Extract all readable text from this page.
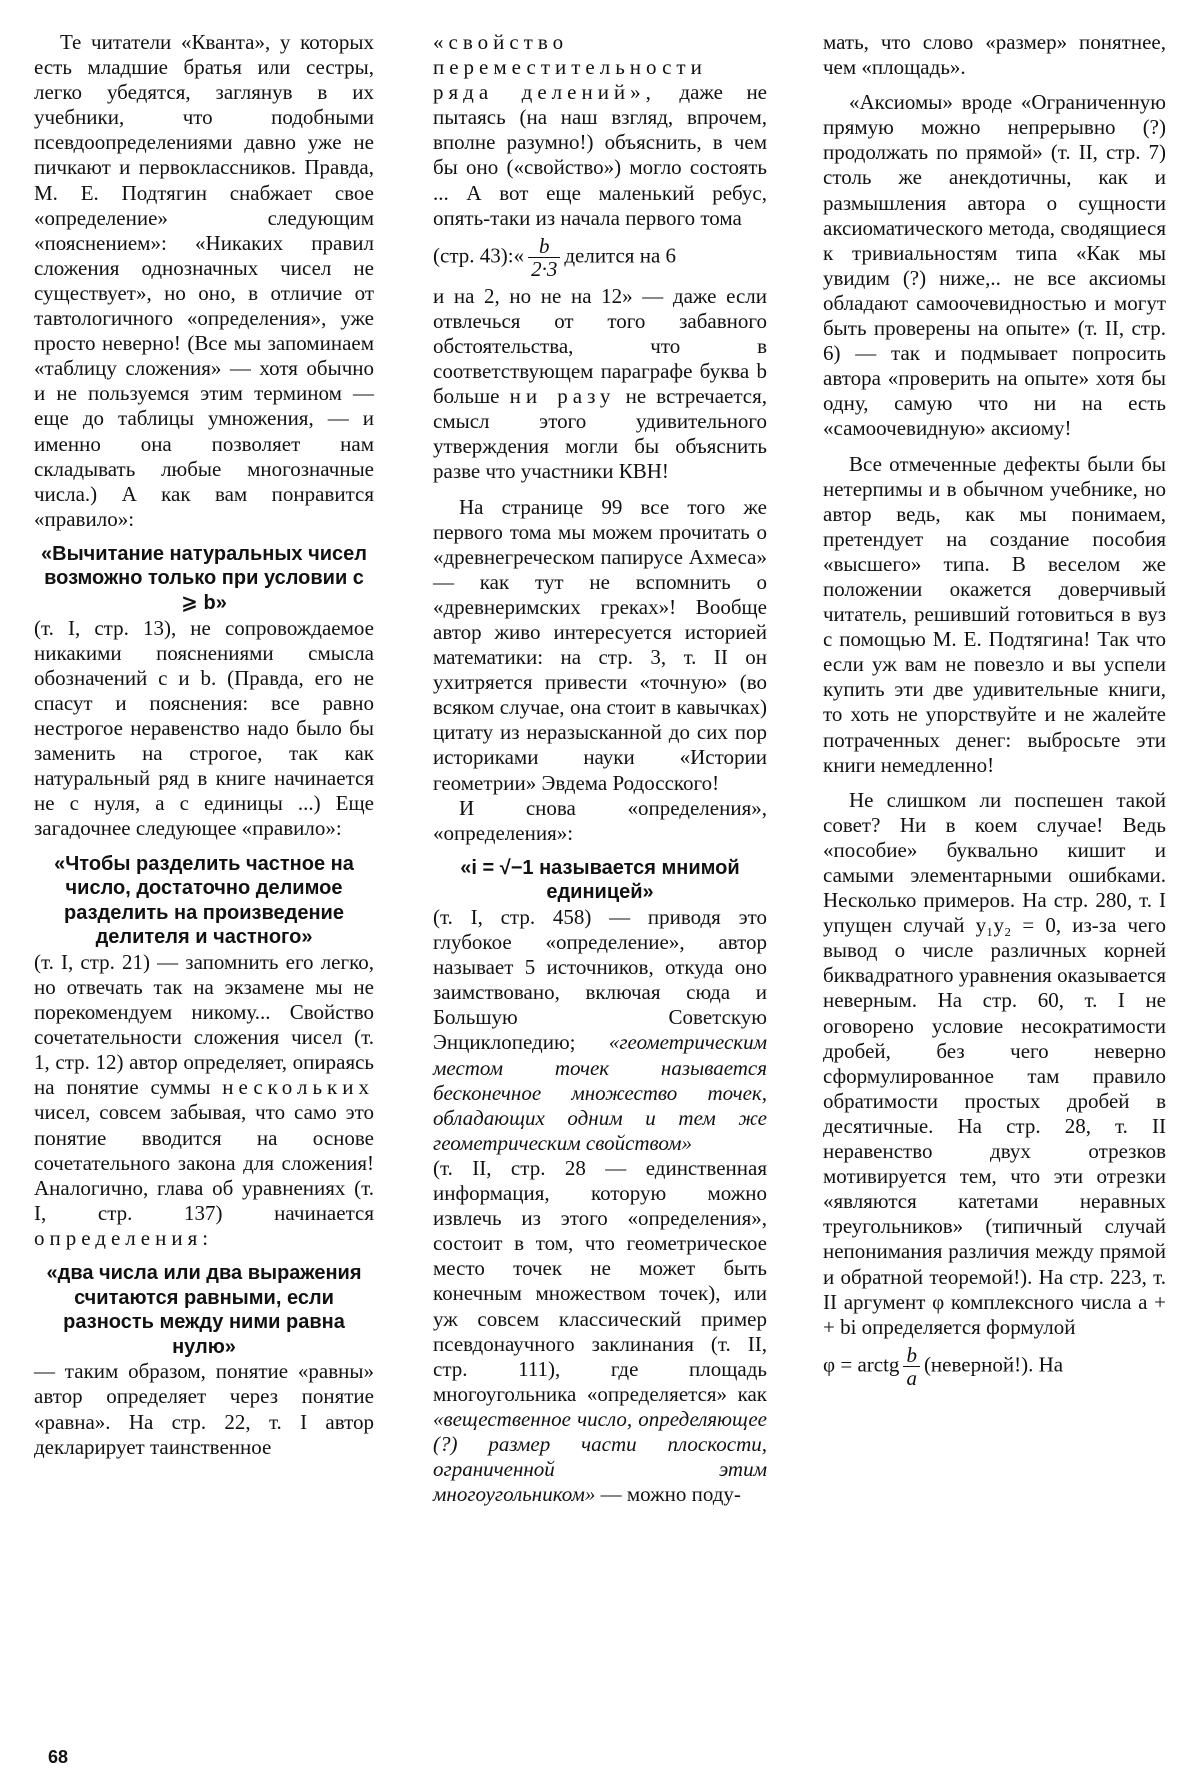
Те читатели «Кванта», у которых есть младшие братья или сестры, легко убедятся, заглянув в их учебники, что подобными псевдоопределениями давно уже не пичкают и первоклассников. Правда, М. Е. Подтягин снабжает свое «определение» следующим «пояснением»: «Никаких правил сложения однозначных чисел не существует», но оно, в отличие от тавтологичного «определения», уже просто неверно! (Все мы запоминаем «таблицу сложения» — хотя обычно и не пользуемся этим термином — еще до таблицы умножения, — и именно она позволяет нам складывать любые многозначные числа.) А как вам понравится «правило»:

«Вычитание натуральных чисел возможно только при условии c ⩾ b»

(т. I, стр. 13), не сопровождаемое никакими пояснениями смысла обозначений c и b. (Правда, его не спасут и пояснения: все равно нестрогое неравенство надо было бы заменить на строгое, так как натуральный ряд в книге начинается не с нуля, а с единицы ...) Еще загадочнее следующее «правило»:

«Чтобы разделить частное на число, достаточно делимое разделить на произведение делителя и частного»

(т. I, стр. 21) — запомнить его легко, но отвечать так на экзамене мы не порекомендуем никому... Свойство сочетательности сложения чисел (т. 1, стр. 12) автор определяет, опираясь на понятие суммы нескольких чисел, совсем забывая, что само это понятие вводится на основе сочетательного закона для сложения! Аналогично, глава об уравнениях (т. I, стр. 137) начинается определения:

«два числа или два выражения считаются равными, если разность между ними равна нулю»

— таким образом, понятие «равны» автор определяет через понятие «равна». На стр. 22, т. I автор декларирует таинственное

«свойство переместительности ряда делений», даже не пытаясь (на наш взгляд, впрочем, вполне разумно!) объяснить, в чем бы оно («свойство») могло состоять ... А вот еще маленький ребус, опять-таки из начала первого тома

(стр. 43):« $\frac{b}{2\cdot 3}$ делится на 6

и на 2, но не на 12» — даже если отвлечься от того забавного обстоятельства, что в соответствующем параграфе буква b больше ни разу не встречается, смысл этого удивительного утверждения могли бы объяснить разве что участники КВН!

На странице 99 все того же первого тома мы можем прочитать о «древнегреческом папирусе Ахмеса» — как тут не вспомнить о «древнеримских греках»! Вообще автор живо интересуется историей математики: на стр. 3, т. II он ухитряется привести «точную» (во всяком случае, она стоит в кавычках) цитату из неразысканной до сих пор историками науки «Истории геометрии» Эвдема Родосского!

И снова «определения», «определения»:

«i = √−1 называется мнимой единицей»

(т. I, стр. 458) — приводя это глубокое «определение», автор называет 5 источников, откуда оно заимствовано, включая сюда и Большую Советскую Энциклопедию; «геометрическим местом точек называется бесконечное множество точек, обладающих одним и тем же геометрическим свойством»

(т. II, стр. 28 — единственная информация, которую можно извлечь из этого «определения», состоит в том, что геометрическое место точек не может быть конечным множеством точек), или уж совсем классический пример псевдонаучного заклинания (т. II, стр. 111), где площадь многоугольника «определяется» как «вещественное число, определяющее (?) размер части плоскости, ограниченной этим многоугольником» — можно поду-

мать, что слово «размер» понятнее, чем «площадь».

«Аксиомы» вроде «Ограниченную прямую можно непрерывно (?) продолжать по прямой» (т. II, стр. 7) столь же анекдотичны, как и размышления автора о сущности аксиоматического метода, сводящиеся к тривиальностям типа «Как мы увидим (?) ниже,.. не все аксиомы обладают самоочевидностью и могут быть проверены на опыте» (т. II, стр. 6) — так и подмывает попросить автора «проверить на опыте» хотя бы одну, самую что ни на есть «самоочевидную» аксиому!

Все отмеченные дефекты были бы нетерпимы и в обычном учебнике, но автор ведь, как мы понимаем, претендует на создание пособия «высшего» типа. В веселом же положении окажется доверчивый читатель, решивший готовиться в вуз с помощью М. Е. Подтягина! Так что если уж вам не повезло и вы успели купить эти две удивительные книги, то хоть не упорствуйте и не жалейте потраченных денег: выбросьте эти книги немедленно!

Не слишком ли поспешен такой совет? Ни в коем случае! Ведь «пособие» буквально кишит и самыми элементарными ошибками. Несколько примеров. На стр. 280, т. I упущен случай y₁y₂ = 0, из-за чего вывод о числе различных корней биквадратного уравнения оказывается неверным. На стр. 60, т. I не оговорено условие несократимости дробей, без чего неверно сформулированное там правило обратимости простых дробей в десятичные. На стр. 28, т. II неравенство двух отрезков мотивируется тем, что эти отрезки «являются катетами неравных треугольников» (типичный случай непонимания различия между прямой и обратной теоремой!). На стр. 223, т. II аргумент φ комплексного числа a + + bi определяется формулой

φ = arctg $\frac{b}{a}$ (неверной!). На

68
